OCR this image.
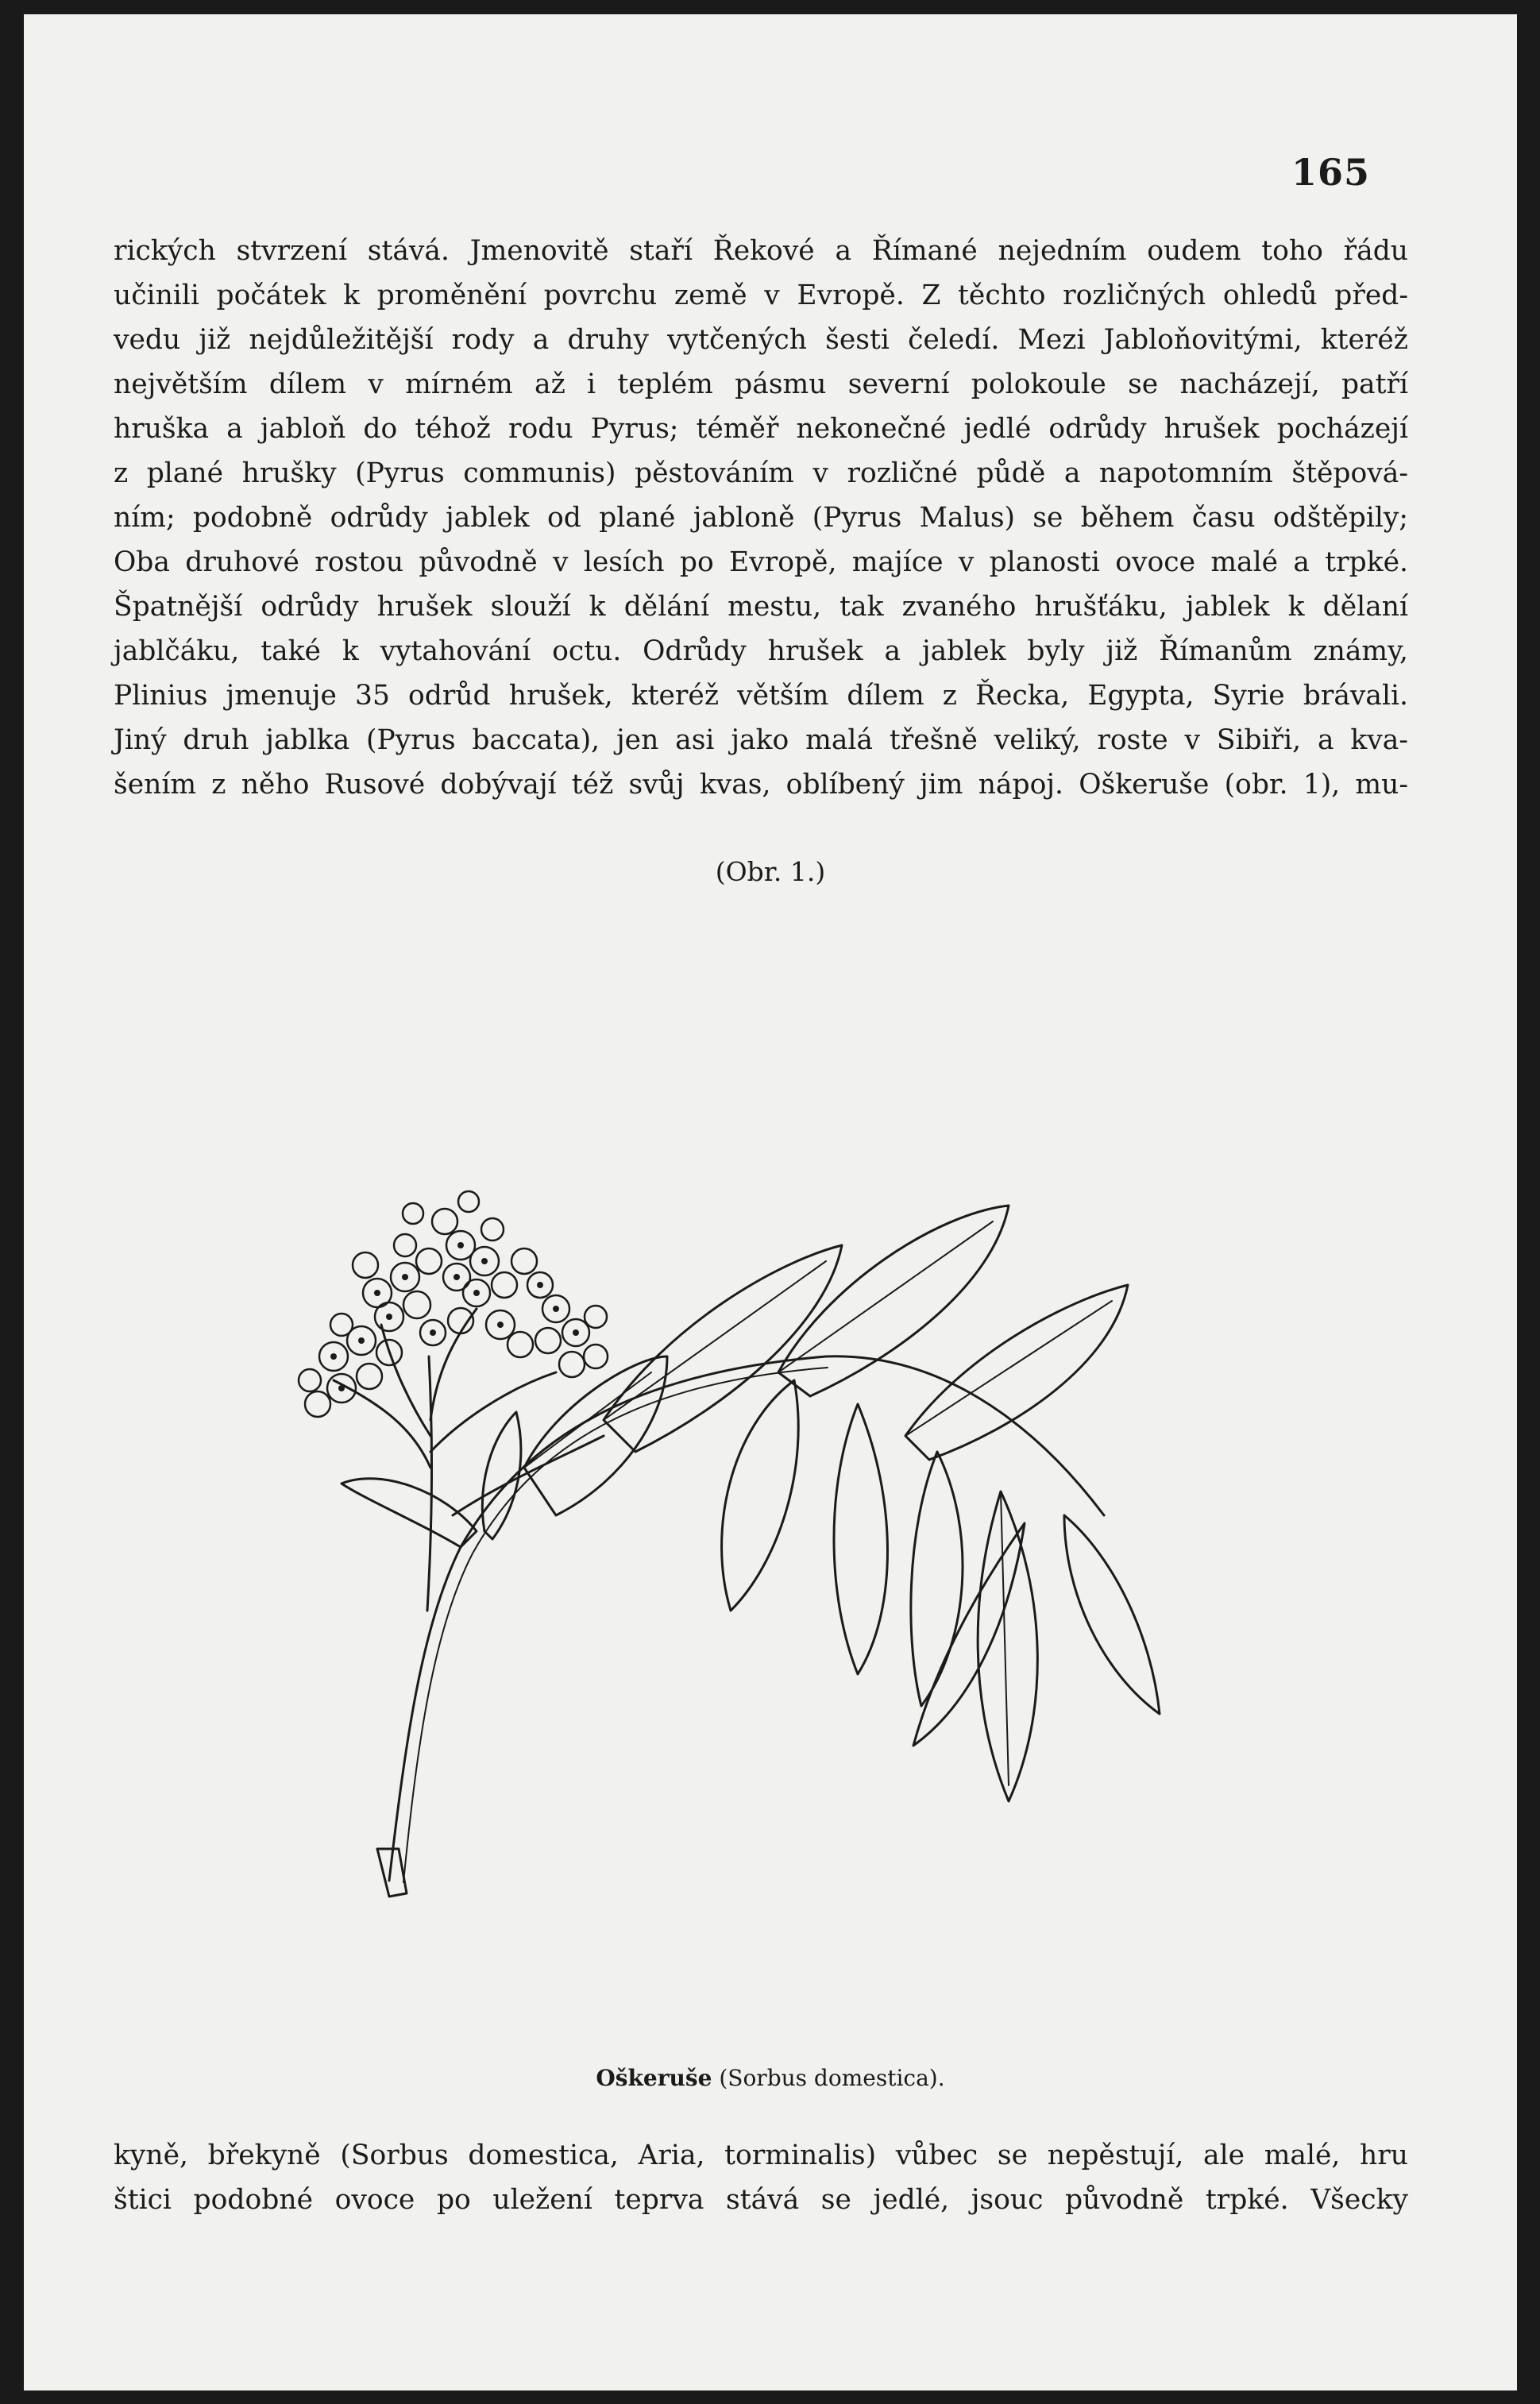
165
rických stvrzení stává. Jmenovitě staří Řekové a Římané nejedním oudem toho řádu
učinili počátek k proměnění povrchu země v Evropě. Z těchto rozličných ohledů před-
vedu již nejdůležitější rody a druhy vytčených šesti čeledí. Mezi Jabloňovitými, kteréž
největším dílem v mírném až i teplém pásmu severní polokoule se nacházejí, patří
hruška a jabloň do téhož rodu Pyrus; téměř nekonečné jedlé odrůdy hrušek pocházejí
z plané hrušky (Pyrus communis) pěstováním v rozličné půdě a napotomním štěpová-
ním; podobně odrůdy jablek od plané jabloně (Pyrus Malus) se během času odštěpily;
Oba druhové rostou původně v lesích po Evropě, majíce v planosti ovoce malé a trpké.
Špatnější odrůdy hrušek slouží k dělání mestu, tak zvaného hrušťáku, jablek k dělaní
jablčáku, také k vytahování octu. Odrůdy hrušek a jablek byly již Římanům známy,
Plinius jmenuje 35 odrůd hrušek, kteréž větším dílem z Řecka, Egypta, Syrie brávali.
Jiný druh jablka (Pyrus baccata), jen asi jako malá třešně veliký, roste v Sibiři, a kva-
šením z něho Rusové dobývají též svůj kvas, oblíbený jim nápoj. Oškeruše (obr. 1), mu-
(Obr. 1.)
Oškeruše (Sorbus domestica).
kyně, břekyně (Sorbus domestica, Aria, torminalis) vůbec se nepěstují, ale malé, hru
štici podobné ovoce po uležení teprva stává se jedlé, jsouc původně trpké. Všecky
